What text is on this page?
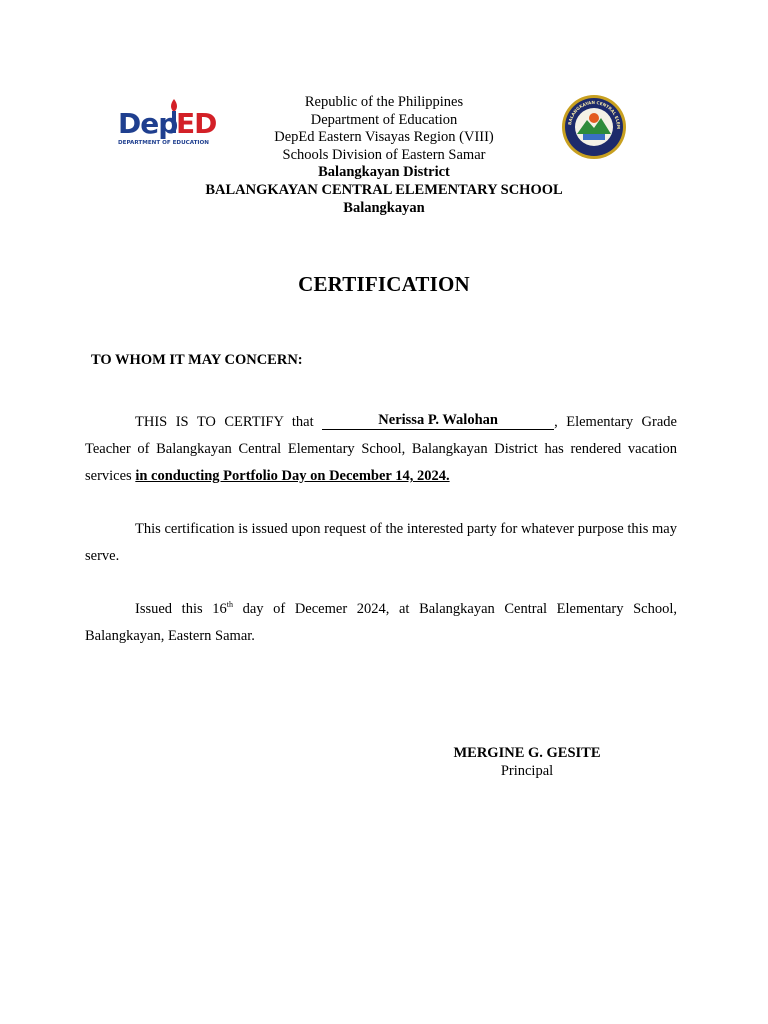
Dep
ED
DEPARTMENT OF EDUCATION
BALANGKAYAN CENTRAL ELEM
Republic of the Philippines
Department of Education
DepEd Eastern Visayas Region (VIII)
Schools Division of Eastern Samar
Balangkayan District
BALANGKAYAN CENTRAL ELEMENTARY SCHOOL
Balangkayan
CERTIFICATION
TO WHOM IT MAY CONCERN:
THIS IS TO CERTIFY that	Nerissa P. Walohan	, Elementary Grade Teacher of Balangkayan Central Elementary School, Balangkayan District has rendered vacation services in conducting Portfolio Day on December 14, 2024.
This certification is issued upon request of the interested party for whatever purpose this may serve.
Issued this 16th day of Decemer 2024, at Balangkayan Central Elementary School, Balangkayan, Eastern Samar.
MERGINE G. GESITE
Principal
